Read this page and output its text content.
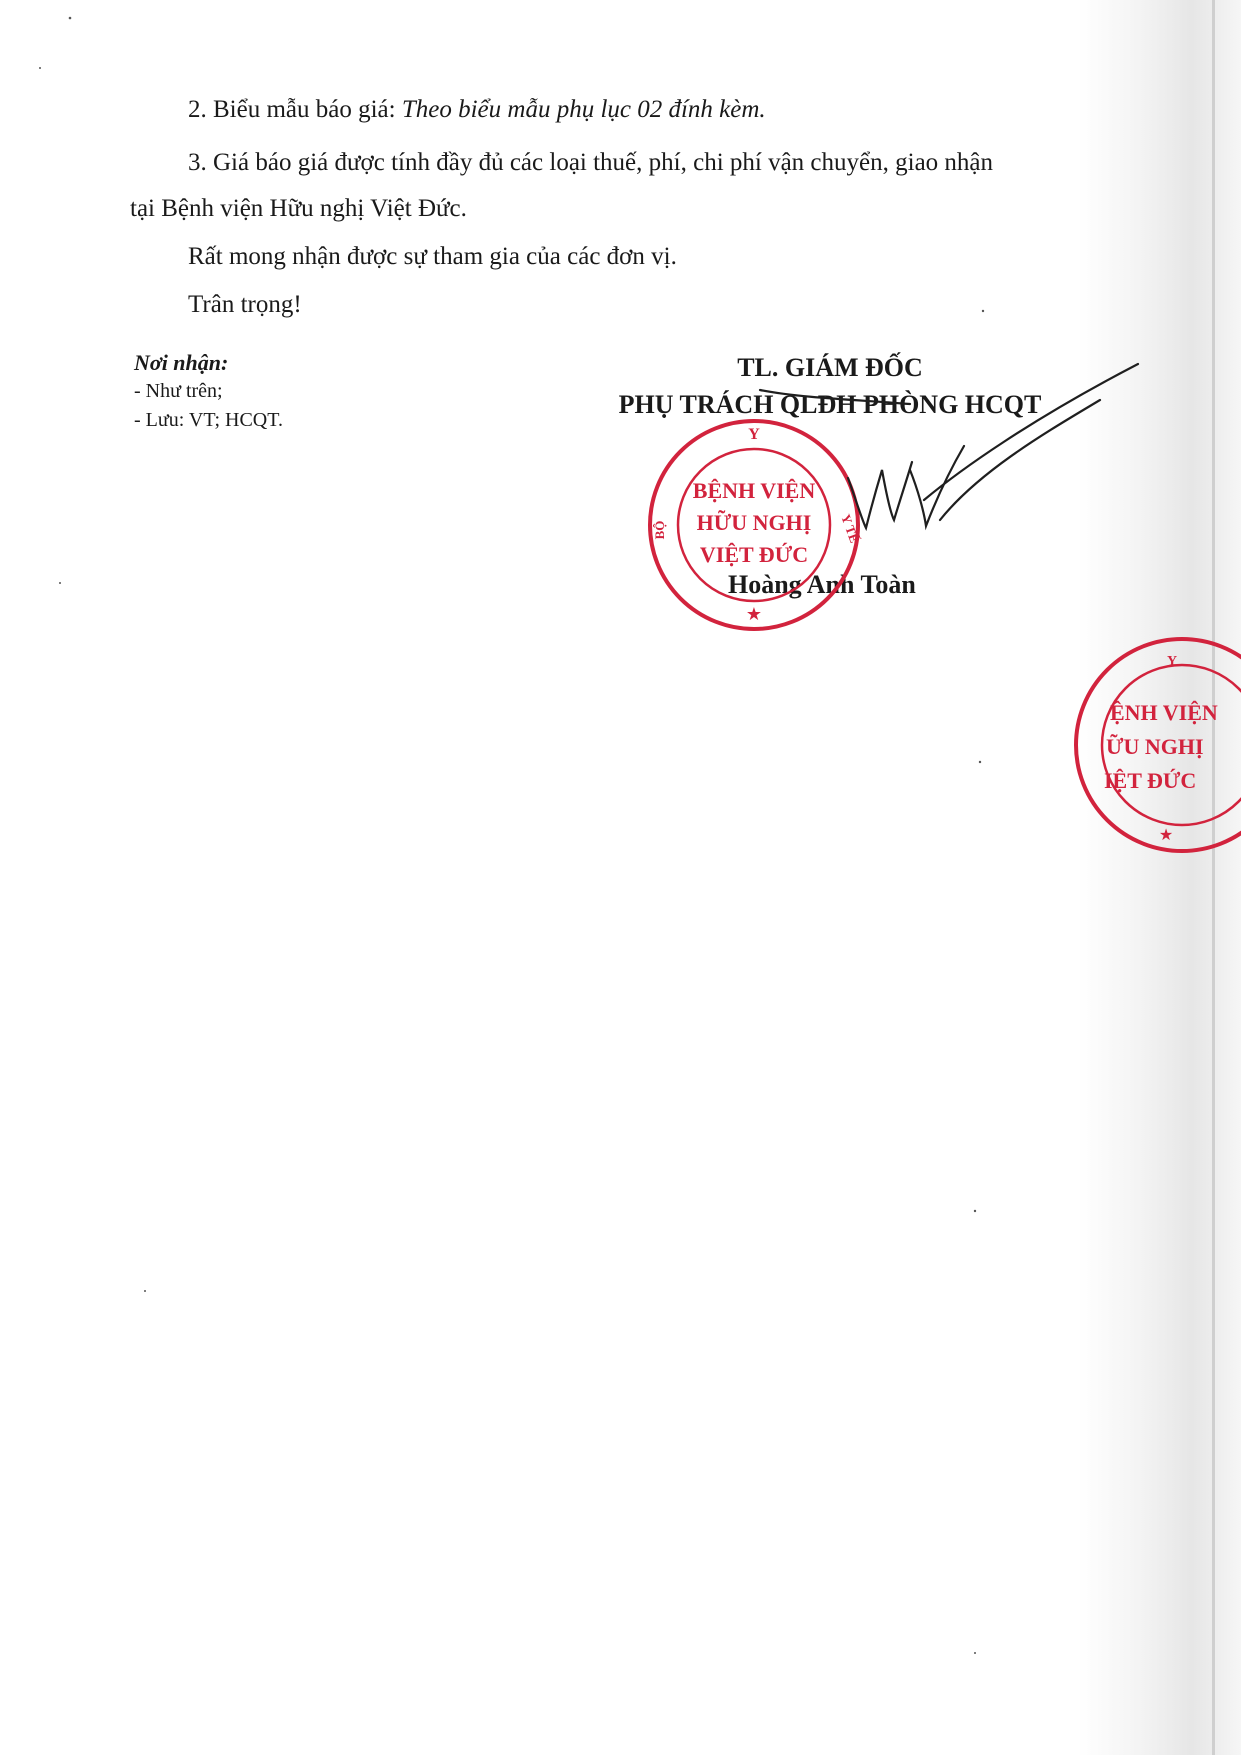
2. Biểu mẫu báo giá: Theo biểu mẫu phụ lục 02 đính kèm.
3. Giá báo giá được tính đầy đủ các loại thuế, phí, chi phí vận chuyển, giao nhận
tại Bệnh viện Hữu nghị Việt Đức.
Rất mong nhận được sự tham gia của các đơn vị.
Trân trọng!
Nơi nhận:
- Như trên;
- Lưu: VT; HCQT.
TL. GIÁM ĐỐC
PHỤ TRÁCH QLĐH PHÒNG HCQT
Hoàng Anh Toàn
Y
★
BỘ	Y TẾ
BỆNH VIỆN
HỮU NGHỊ
VIỆT ĐỨC
Y
★
ỆNH VIỆN
ỮU NGHỊ
IỆT ĐỨC
